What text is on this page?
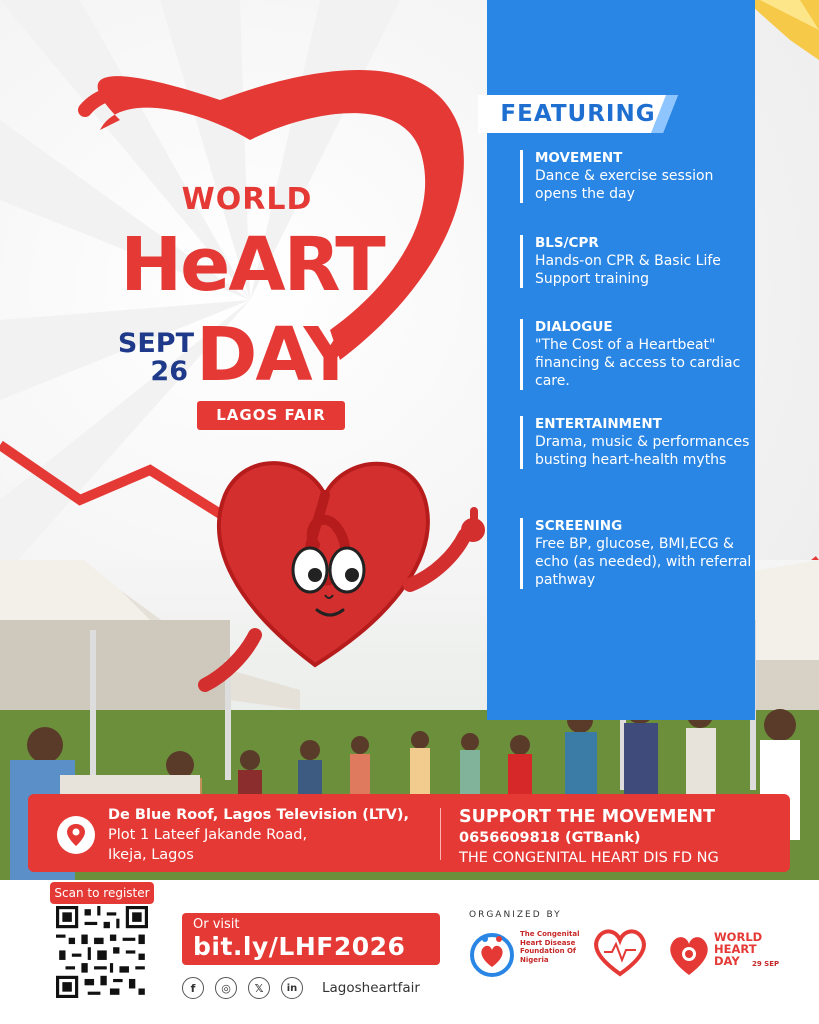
WORLD
HeART
SEPT
26 DAY
LAGOS FAIR
FEATURING
MOVEMENT
Dance & exercise session opens the day
BLS/CPR
Hands-on CPR & Basic Life Support training
DIALOGUE
"The Cost of a Heartbeat" financing & access to cardiac care.
ENTERTAINMENT
Drama, music & performances busting heart-health myths
SCREENING
Free BP, glucose, BMI,ECG & echo (as needed), with referral pathway
De Blue Roof, Lagos Television (LTV),
Plot 1 Lateef Jakande Road,
Ikeja, Lagos
SUPPORT THE MOVEMENT
0656609818 (GTBank)
THE CONGENITAL HEART DIS FD NG
Scan to register
Or visit
bit.ly/LHF2026
f	◎	𝕏	in	Lagosheartfair
ORGANIZED BY
The Congenital Heart Disease Foundation Of Nigeria
WORLD
HEART
DAY	29 SEP
